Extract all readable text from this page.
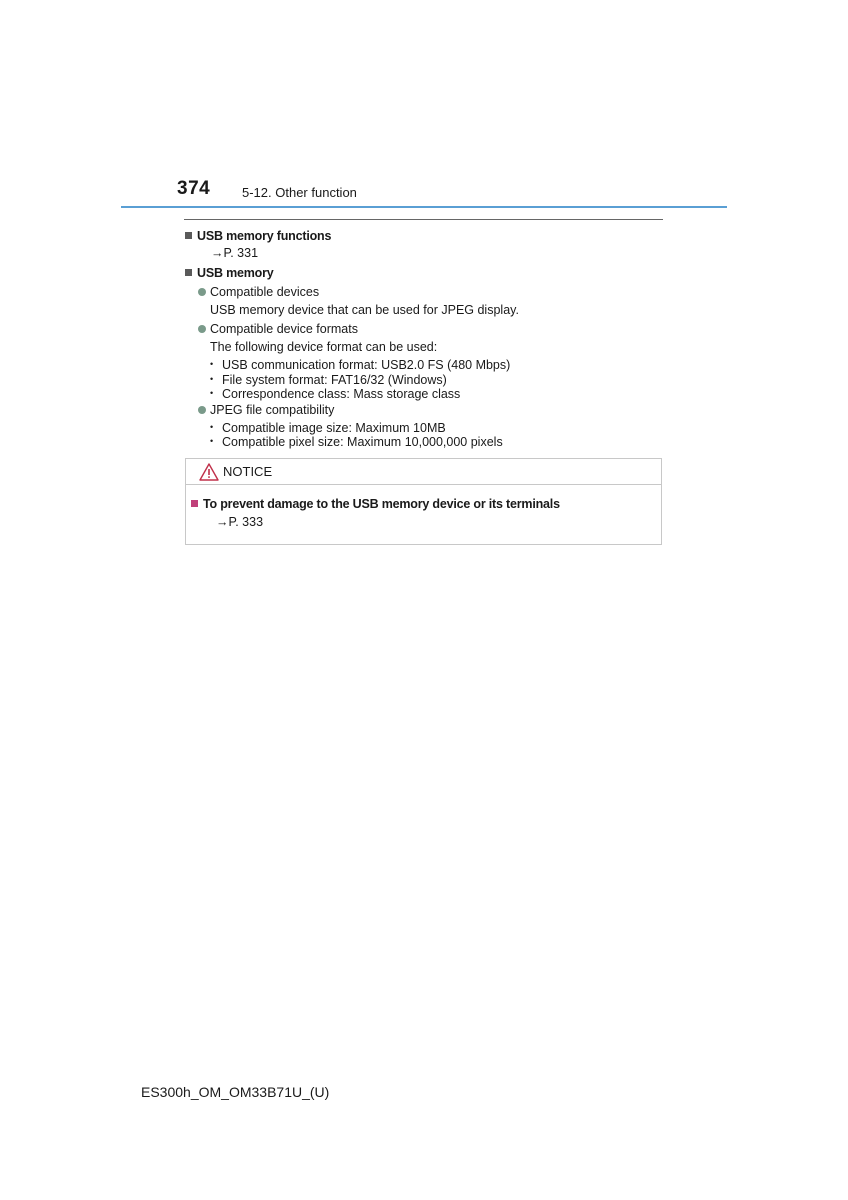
374 5-12. Other function
USB memory functions
→P. 331
USB memory
Compatible devices
USB memory device that can be used for JPEG display.
Compatible device formats
The following device format can be used:
• USB communication format: USB2.0 FS (480 Mbps)
• File system format: FAT16/32 (Windows)
• Correspondence class: Mass storage class
JPEG file compatibility
• Compatible image size: Maximum 10MB
• Compatible pixel size: Maximum 10,000,000 pixels
NOTICE
To prevent damage to the USB memory device or its terminals
→P. 333
ES300h_OM_OM33B71U_(U)
